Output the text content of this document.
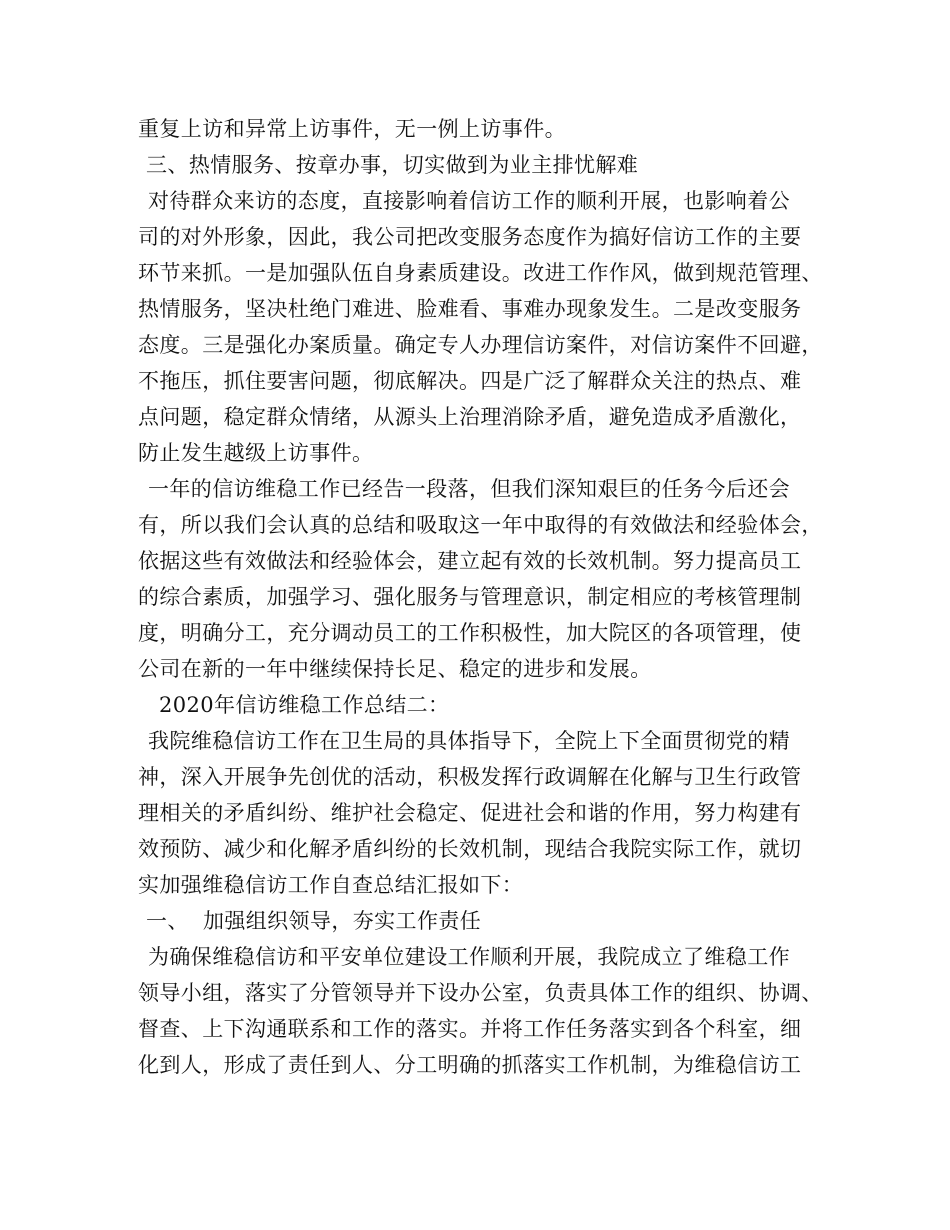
重复上访和异常上访事件，无一例上访事件。
三、热情服务、按章办事，切实做到为业主排忧解难
对待群众来访的态度，直接影响着信访工作的顺利开展，也影响着公
司的对外形象，因此，我公司把改变服务态度作为搞好信访工作的主要
环节来抓。一是加强队伍自身素质建设。改进工作作风，做到规范管理、
热情服务，坚决杜绝门难进、脸难看、事难办现象发生。二是改变服务
态度。三是强化办案质量。确定专人办理信访案件，对信访案件不回避，
不拖压，抓住要害问题，彻底解决。四是广泛了解群众关注的热点、难
点问题，稳定群众情绪，从源头上治理消除矛盾，避免造成矛盾激化，
防止发生越级上访事件。
一年的信访维稳工作已经告一段落，但我们深知艰巨的任务今后还会
有，所以我们会认真的总结和吸取这一年中取得的有效做法和经验体会，
依据这些有效做法和经验体会，建立起有效的长效机制。努力提高员工
的综合素质，加强学习、强化服务与管理意识，制定相应的考核管理制
度，明确分工，充分调动员工的工作积极性，加大院区的各项管理，使
公司在新的一年中继续保持长足、稳定的进步和发展。
2020年信访维稳工作总结二：
我院维稳信访工作在卫生局的具体指导下，全院上下全面贯彻党的精
神，深入开展争先创优的活动，积极发挥行政调解在化解与卫生行政管
理相关的矛盾纠纷、维护社会稳定、促进社会和谐的作用，努力构建有
效预防、减少和化解矛盾纠纷的长效机制，现结合我院实际工作，就切
实加强维稳信访工作自查总结汇报如下：
一、  加强组织领导，夯实工作责任
为确保维稳信访和平安单位建设工作顺利开展，我院成立了维稳工作
领导小组，落实了分管领导并下设办公室，负责具体工作的组织、协调、
督查、上下沟通联系和工作的落实。并将工作任务落实到各个科室，细
化到人，形成了责任到人、分工明确的抓落实工作机制，为维稳信访工
